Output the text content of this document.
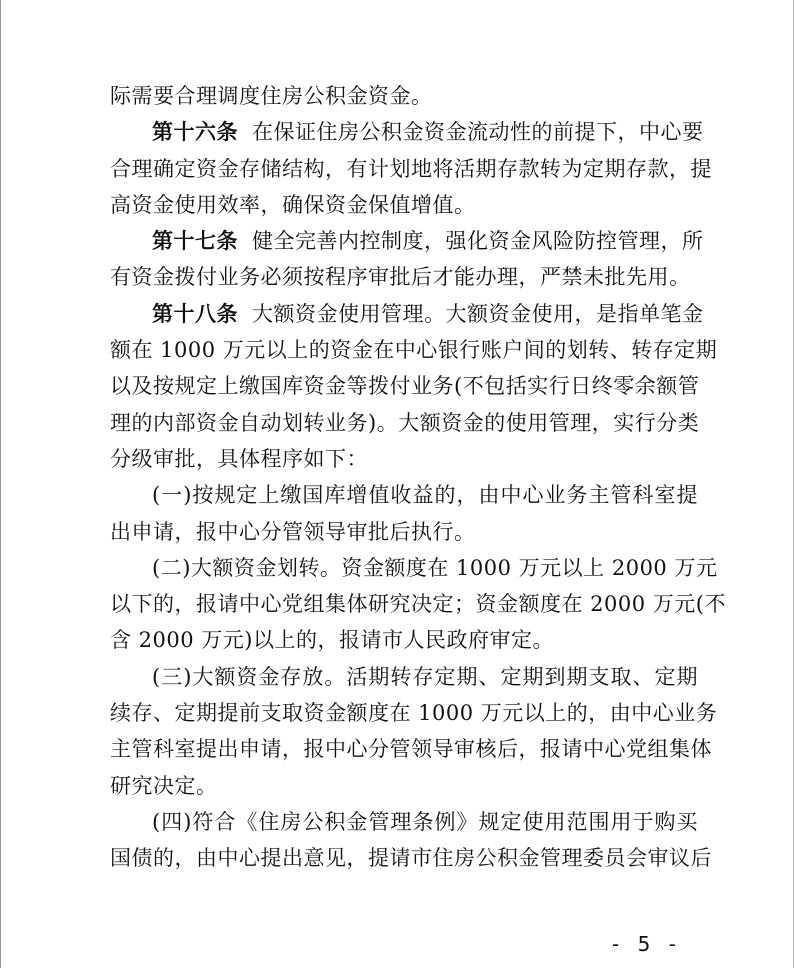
际需要合理调度住房公积金资金。
第十六条 在保证住房公积金资金流动性的前提下，中心要
合理确定资金存储结构，有计划地将活期存款转为定期存款，提
高资金使用效率，确保资金保值增值。
第十七条 健全完善内控制度，强化资金风险防控管理，所
有资金拨付业务必须按程序审批后才能办理，严禁未批先用。
第十八条 大额资金使用管理。大额资金使用，是指单笔金
额在 1000 万元以上的资金在中心银行账户间的划转、转存定期
以及按规定上缴国库资金等拨付业务(不包括实行日终零余额管
理的内部资金自动划转业务)。大额资金的使用管理，实行分类
分级审批，具体程序如下：
(一)按规定上缴国库增值收益的，由中心业务主管科室提
出申请，报中心分管领导审批后执行。
(二)大额资金划转。资金额度在 1000 万元以上 2000 万元
以下的，报请中心党组集体研究决定；资金额度在 2000 万元(不
含 2000 万元)以上的，报请市人民政府审定。
(三)大额资金存放。活期转存定期、定期到期支取、定期
续存、定期提前支取资金额度在 1000 万元以上的，由中心业务
主管科室提出申请，报中心分管领导审核后，报请中心党组集体
研究决定。
(四)符合《住房公积金管理条例》规定使用范围用于购买
国债的，由中心提出意见，提请市住房公积金管理委员会审议后
- 5 -
